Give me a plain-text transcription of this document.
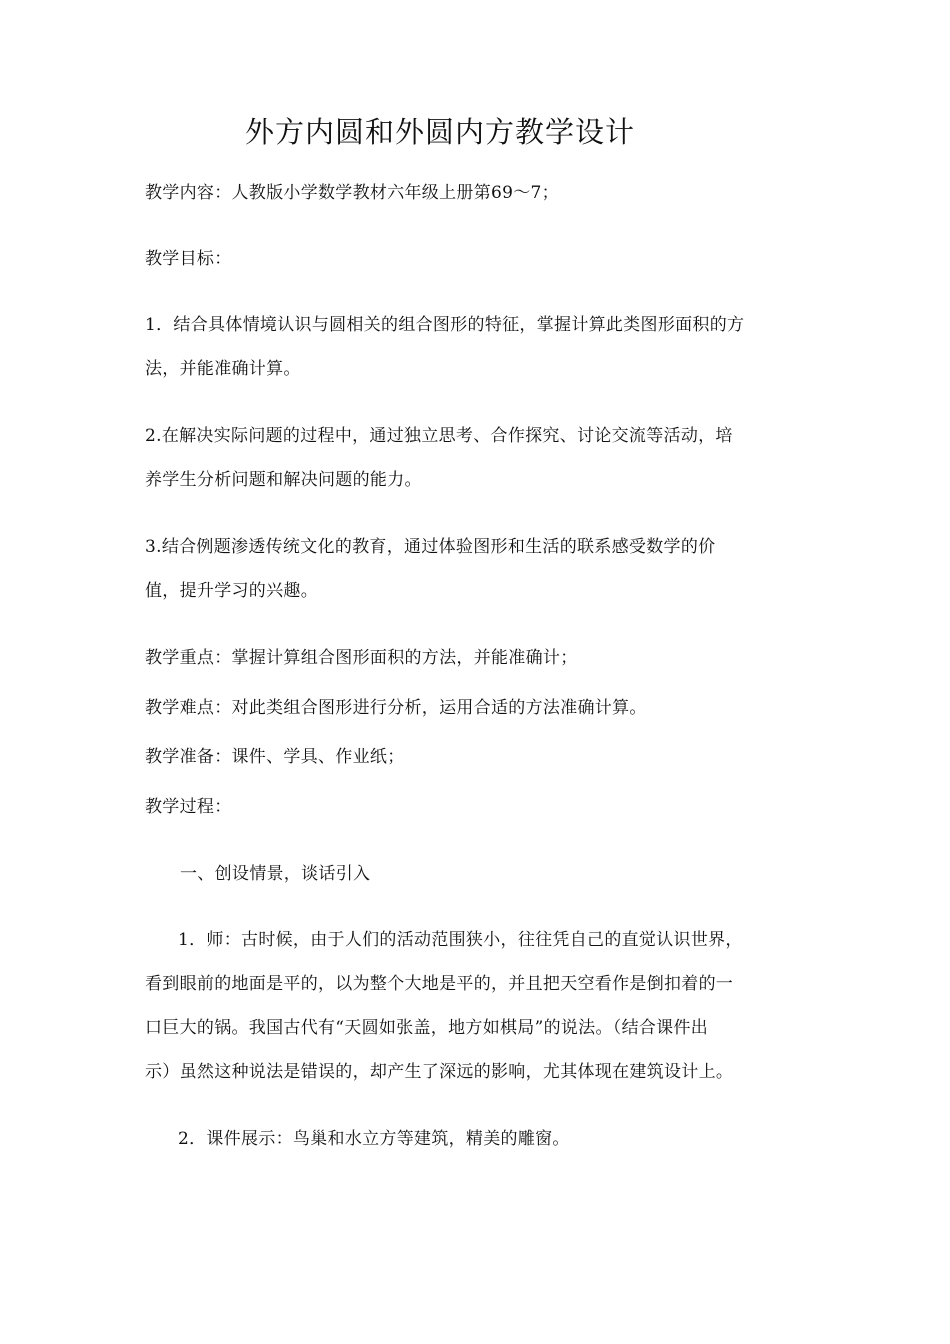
外方内圆和外圆内方教学设计
教学内容：人教版小学数学教材六年级上册第69～7；
教学目标：
1．结合具体情境认识与圆相关的组合图形的特征，掌握计算此类图形面积的方
法，并能准确计算。
2.在解决实际问题的过程中，通过独立思考、合作探究、讨论交流等活动，培
养学生分析问题和解决问题的能力。
3.结合例题渗透传统文化的教育，通过体验图形和生活的联系感受数学的价
值，提升学习的兴趣。
教学重点：掌握计算组合图形面积的方法，并能准确计；
教学难点：对此类组合图形进行分析，运用合适的方法准确计算。
教学准备：课件、学具、作业纸；
教学过程：
一、创设情景，谈话引入
1．师：古时候，由于人们的活动范围狭小，往往凭自己的直觉认识世界，
看到眼前的地面是平的，以为整个大地是平的，并且把天空看作是倒扣着的一
口巨大的锅。我国古代有“天圆如张盖，地方如棋局”的说法。（结合课件出
示）虽然这种说法是错误的，却产生了深远的影响，尤其体现在建筑设计上。
2．课件展示：鸟巢和水立方等建筑，精美的雕窗。
